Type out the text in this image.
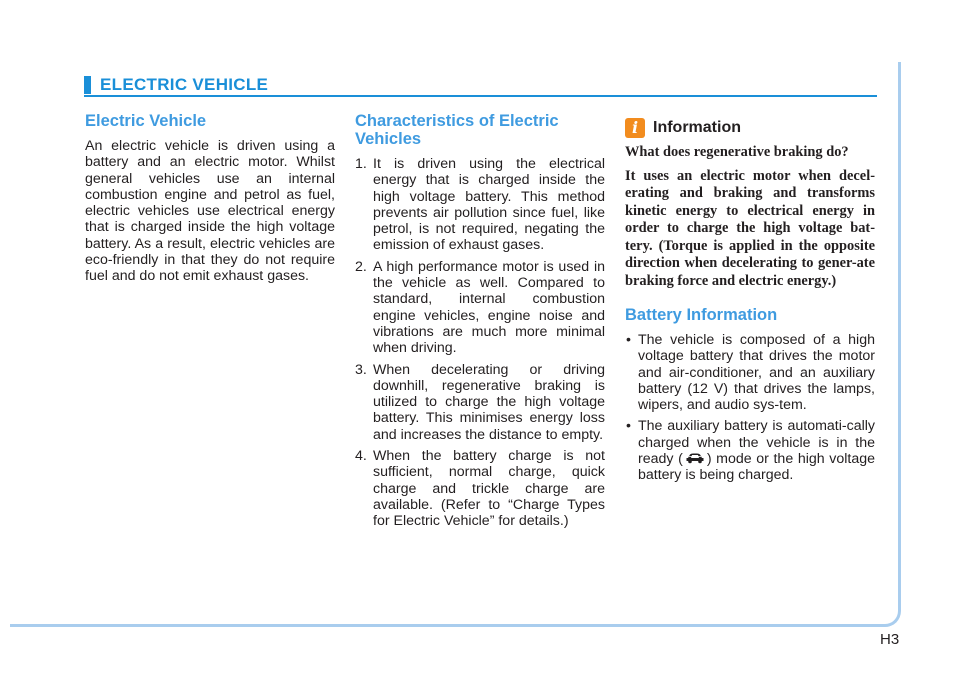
ELECTRIC VEHICLE
Electric Vehicle

An electric vehicle is driven using a battery and an electric motor. Whilst general vehicles use an internal combustion engine and petrol as fuel, electric vehicles use electrical energy that is charged inside the high voltage battery. As a result, electric vehicles are eco-friendly in that they do not require fuel and do not emit exhaust gases.

Characteristics of Electric Vehicles
1. It is driven using the electrical energy that is charged inside the high voltage battery. This method prevents air pollution since fuel, like petrol, is not required, negating the emission of exhaust gases.
2. A high performance motor is used in the vehicle as well. Compared to standard, internal combustion engine vehicles, engine noise and vibrations are much more minimal when driving.
3. When decelerating or driving downhill, regenerative braking is utilized to charge the high voltage battery. This minimises energy loss and increases the distance to empty.
4. When the battery charge is not sufficient, normal charge, quick charge and trickle charge are available. (Refer to “Charge Types for Electric Vehicle” for details.)
i Information

What does regenerative braking do?

It uses an electric motor when decel-erating and braking and transforms kinetic energy to electrical energy in order to charge the high voltage bat-tery. (Torque is applied in the opposite direction when decelerating to gener-ate braking force and electric energy.)

Battery Information
• The vehicle is composed of a high voltage battery that drives the motor and air-conditioner, and an auxiliary battery (12 V) that drives the lamps, wipers, and audio sys-tem.
• The auxiliary battery is automati-cally charged when the vehicle is in the ready ( ) mode or the high voltage battery is being charged.
H3
